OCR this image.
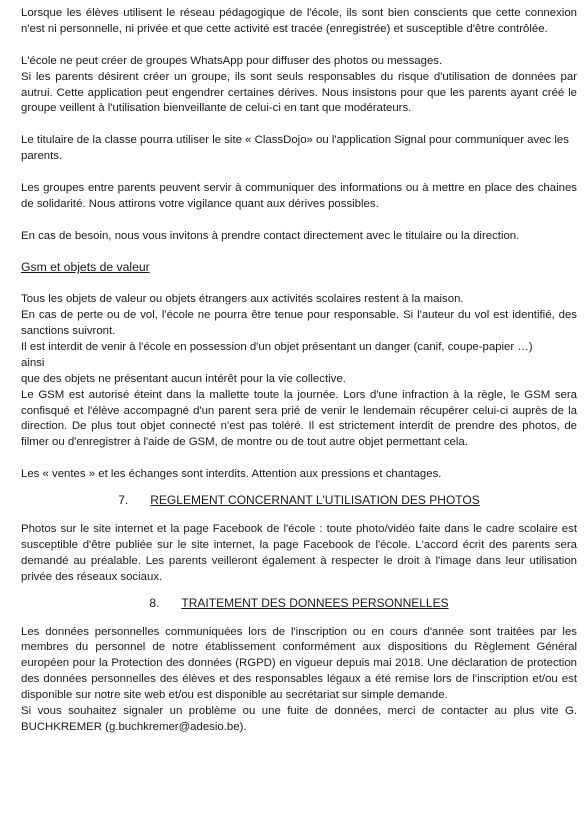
Lorsque les élèves utilisent le réseau pédagogique de l'école, ils sont bien conscients que cette connexion n'est ni personnelle, ni privée et que cette activité est tracée (enregistrée) et susceptible d'être contrôlée.

L'école ne peut créer de groupes WhatsApp pour diffuser des photos ou messages.

Si les parents désirent créer un groupe, ils sont seuls responsables du risque d'utilisation de données par autrui. Cette application peut engendrer certaines dérives. Nous insistons pour que les parents ayant créé le groupe veillent à l'utilisation bienveillante de celui-ci en tant que modérateurs.

Le titulaire de la classe pourra utiliser le site « ClassDojo» ou l'application Signal pour communiquer avec les parents.

Les groupes entre parents peuvent servir à communiquer des informations ou à mettre en place des chaines de solidarité. Nous attirons votre vigilance quant aux dérives possibles.

En cas de besoin, nous vous invitons à prendre contact directement avec le titulaire ou la direction.

Gsm et objets de valeur

Tous les objets de valeur ou objets étrangers aux activités scolaires restent à la maison.

En cas de perte ou de vol, l'école ne pourra être tenue pour responsable. Si l'auteur du vol est identifié, des sanctions suivront.

Il est interdit de venir à l'école en possession d'un objet présentant un danger (canif, coupe-papier …)

ainsi

que des objets ne présentant aucun intérêt pour la vie collective.

Le GSM est autorisé éteint dans la mallette toute la journée. Lors d'une infraction à la règle, le GSM sera confisqué et l'élève accompagné d'un parent sera prié de venir le lendemain récupérer celui-ci auprès de la direction. De plus tout objet connecté n'est pas toléré. Il est strictement interdit de prendre des photos, de filmer ou d'enregistrer à l'aide de GSM, de montre ou de tout autre objet permettant cela.

Les « ventes » et les échanges sont interdits. Attention aux pressions et chantages.

7. REGLEMENT CONCERNANT L'UTILISATION DES PHOTOS

Photos sur le site internet et la page Facebook de l'école : toute photo/vidéo faite dans le cadre scolaire est susceptible d'être publiée sur le site internet, la page Facebook de l'école. L'accord écrit des parents sera demandé au préalable. Les parents veilleront également à respecter le droit à l'image dans leur utilisation privée des réseaux sociaux.

8. TRAITEMENT DES DONNEES PERSONNELLES

Les données personnelles communiquées lors de l'inscription ou en cours d'année sont traitées par les membres du personnel de notre établissement conformément aux dispositions du Règlement Général européen pour la Protection des données (RGPD) en vigueur depuis mai 2018. Une déclaration de protection des données personnelles des élèves et des responsables légaux a été remise lors de l'inscription et/ou est disponible sur notre site web et/ou est disponible au secrétariat sur simple demande.

Si vous souhaitez signaler un problème ou une fuite de données, merci de contacter au plus vite G. BUCHKREMER (g.buchkremer@adesio.be).
